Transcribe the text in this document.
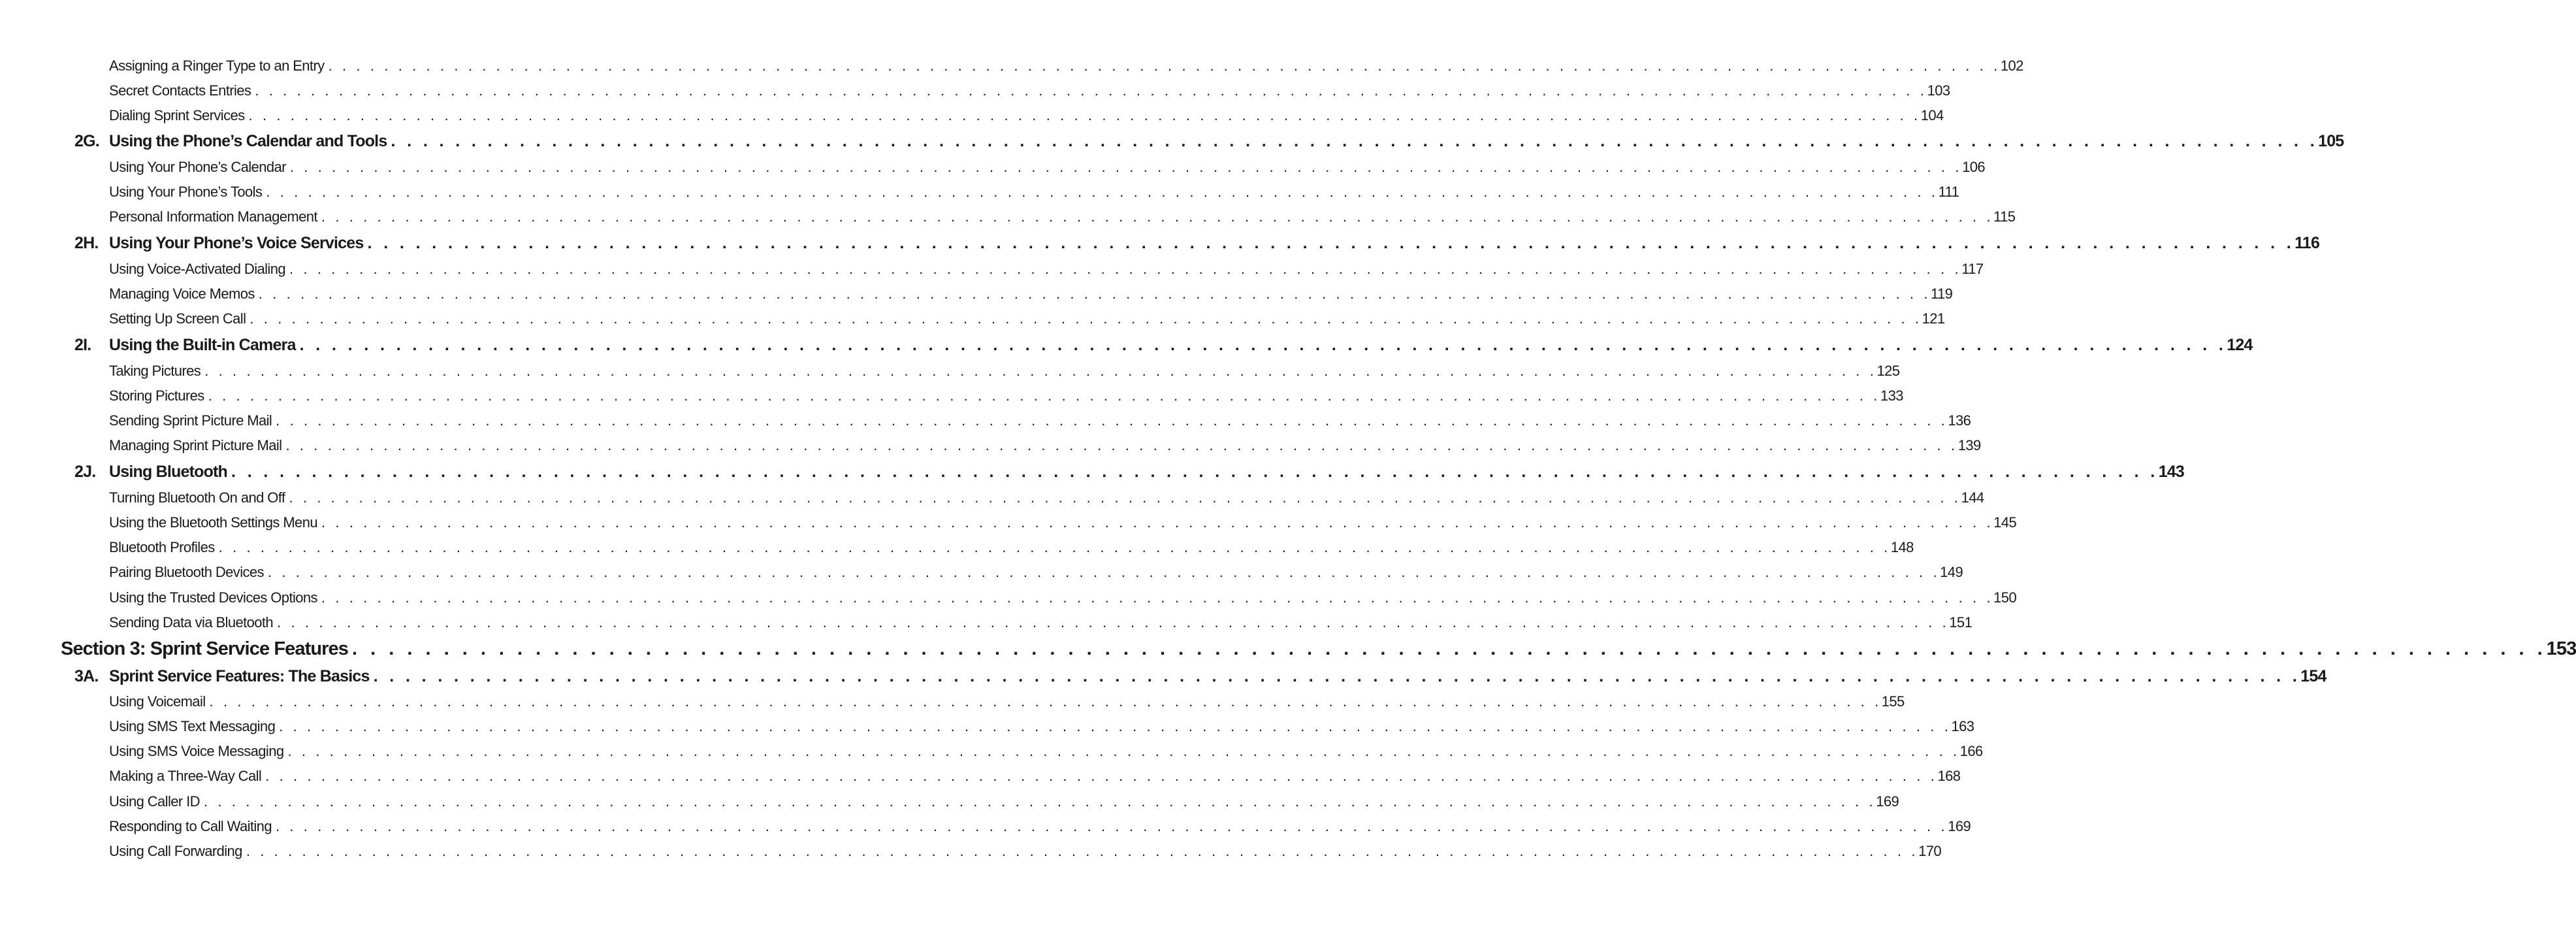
Assigning a Ringer Type to an Entry . . . . . . . . . . . . . . . . . . . . . . . . . . . . . . . . . . . . . . . . . . . . . . . . . . . . . . . . . . . . . . . . . . . . . . . . . . . . . . . . . . . . . . . . . . . . . . . . . . . . . . . . . . . . . . . . . . . . . . . . 102
Secret Contacts Entries . . . . . . . . . . . . . . . . . . . . . . . . . . . . . . . . . . . . . . . . . . . . . . . . . . . . . . . . . . . . . . . . . . . . . . . . . . . . . . . . . . . . . . . . . . . . . . . . . . . . . . . . . . . . . . . . . . . . . . . . 103
Dialing Sprint Services . . . . . . . . . . . . . . . . . . . . . . . . . . . . . . . . . . . . . . . . . . . . . . . . . . . . . . . . . . . . . . . . . . . . . . . . . . . . . . . . . . . . . . . . . . . . . . . . . . . . . . . . . . . . . . . . . . . . . . . . 104
2G. Using the Phone’s Calendar and Tools . . . . . . . . . . . . . . . . . . . . . . . . . . . . . . . . . . . . . . . . . . . . . . . . . . . . . . . . . . . . . . . . . . . . . . . . . . . . . . . . . . . . . . . . . . . . . . . . . . . . . . . . . . . . . . . . . . . . . . . . 105
Using Your Phone’s Calendar . . . . . . . . . . . . . . . . . . . . . . . . . . . . . . . . . . . . . . . . . . . . . . . . . . . . . . . . . . . . . . . . . . . . . . . . . . . . . . . . . . . . . . . . . . . . . . . . . . . . . . . . . . . . . . . . . . . . . . . . 106
Using Your Phone’s Tools . . . . . . . . . . . . . . . . . . . . . . . . . . . . . . . . . . . . . . . . . . . . . . . . . . . . . . . . . . . . . . . . . . . . . . . . . . . . . . . . . . . . . . . . . . . . . . . . . . . . . . . . . . . . . . . . . . . . . . . . 111
Personal Information Management . . . . . . . . . . . . . . . . . . . . . . . . . . . . . . . . . . . . . . . . . . . . . . . . . . . . . . . . . . . . . . . . . . . . . . . . . . . . . . . . . . . . . . . . . . . . . . . . . . . . . . . . . . . . . . . . . . . . . . . . 115
2H. Using Your Phone’s Voice Services . . . . . . . . . . . . . . . . . . . . . . . . . . . . . . . . . . . . . . . . . . . . . . . . . . . . . . . . . . . . . . . . . . . . . . . . . . . . . . . . . . . . . . . . . . . . . . . . . . . . . . . . . . . . . . . . . . . . . . . . 116
Using Voice-Activated Dialing . . . . . . . . . . . . . . . . . . . . . . . . . . . . . . . . . . . . . . . . . . . . . . . . . . . . . . . . . . . . . . . . . . . . . . . . . . . . . . . . . . . . . . . . . . . . . . . . . . . . . . . . . . . . . . . . . . . . . . . . 117
Managing Voice Memos . . . . . . . . . . . . . . . . . . . . . . . . . . . . . . . . . . . . . . . . . . . . . . . . . . . . . . . . . . . . . . . . . . . . . . . . . . . . . . . . . . . . . . . . . . . . . . . . . . . . . . . . . . . . . . . . . . . . . . . . 119
Setting Up Screen Call . . . . . . . . . . . . . . . . . . . . . . . . . . . . . . . . . . . . . . . . . . . . . . . . . . . . . . . . . . . . . . . . . . . . . . . . . . . . . . . . . . . . . . . . . . . . . . . . . . . . . . . . . . . . . . . . . . . . . . . . 121
2I. Using the Built-in Camera . . . . . . . . . . . . . . . . . . . . . . . . . . . . . . . . . . . . . . . . . . . . . . . . . . . . . . . . . . . . . . . . . . . . . . . . . . . . . . . . . . . . . . . . . . . . . . . . . . . . . . . . . . . . . . . . . . . . . . . . 124
Taking Pictures . . . . . . . . . . . . . . . . . . . . . . . . . . . . . . . . . . . . . . . . . . . . . . . . . . . . . . . . . . . . . . . . . . . . . . . . . . . . . . . . . . . . . . . . . . . . . . . . . . . . . . . . . . . . . . . . . . . . . . . . 125
Storing Pictures . . . . . . . . . . . . . . . . . . . . . . . . . . . . . . . . . . . . . . . . . . . . . . . . . . . . . . . . . . . . . . . . . . . . . . . . . . . . . . . . . . . . . . . . . . . . . . . . . . . . . . . . . . . . . . . . . . . . . . . . 133
Sending Sprint Picture Mail . . . . . . . . . . . . . . . . . . . . . . . . . . . . . . . . . . . . . . . . . . . . . . . . . . . . . . . . . . . . . . . . . . . . . . . . . . . . . . . . . . . . . . . . . . . . . . . . . . . . . . . . . . . . . . . . . . . . . . . . 136
Managing Sprint Picture Mail . . . . . . . . . . . . . . . . . . . . . . . . . . . . . . . . . . . . . . . . . . . . . . . . . . . . . . . . . . . . . . . . . . . . . . . . . . . . . . . . . . . . . . . . . . . . . . . . . . . . . . . . . . . . . . . . . . . . . . . . 139
2J. Using Bluetooth . . . . . . . . . . . . . . . . . . . . . . . . . . . . . . . . . . . . . . . . . . . . . . . . . . . . . . . . . . . . . . . . . . . . . . . . . . . . . . . . . . . . . . . . . . . . . . . . . . . . . . . . . . . . . . . . . . . . . . . . 143
Turning Bluetooth On and Off . . . . . . . . . . . . . . . . . . . . . . . . . . . . . . . . . . . . . . . . . . . . . . . . . . . . . . . . . . . . . . . . . . . . . . . . . . . . . . . . . . . . . . . . . . . . . . . . . . . . . . . . . . . . . . . . . . . . . . . . 144
Using the Bluetooth Settings Menu . . . . . . . . . . . . . . . . . . . . . . . . . . . . . . . . . . . . . . . . . . . . . . . . . . . . . . . . . . . . . . . . . . . . . . . . . . . . . . . . . . . . . . . . . . . . . . . . . . . . . . . . . . . . . . . . . . . . . . . . 145
Bluetooth Profiles . . . . . . . . . . . . . . . . . . . . . . . . . . . . . . . . . . . . . . . . . . . . . . . . . . . . . . . . . . . . . . . . . . . . . . . . . . . . . . . . . . . . . . . . . . . . . . . . . . . . . . . . . . . . . . . . . . . . . . . . 148
Pairing Bluetooth Devices . . . . . . . . . . . . . . . . . . . . . . . . . . . . . . . . . . . . . . . . . . . . . . . . . . . . . . . . . . . . . . . . . . . . . . . . . . . . . . . . . . . . . . . . . . . . . . . . . . . . . . . . . . . . . . . . . . . . . . . . 149
Using the Trusted Devices Options . . . . . . . . . . . . . . . . . . . . . . . . . . . . . . . . . . . . . . . . . . . . . . . . . . . . . . . . . . . . . . . . . . . . . . . . . . . . . . . . . . . . . . . . . . . . . . . . . . . . . . . . . . . . . . . . . . . . . . . . 150
Sending Data via Bluetooth . . . . . . . . . . . . . . . . . . . . . . . . . . . . . . . . . . . . . . . . . . . . . . . . . . . . . . . . . . . . . . . . . . . . . . . . . . . . . . . . . . . . . . . . . . . . . . . . . . . . . . . . . . . . . . . . . . . . . . . . 151
Section 3: Sprint Service Features . . . . . . . . . . . . . . . . . . . . . . . . . . . . . . . . . . . . . . . . . . . . . . . . . . . . . . . . . . . . . . . . . . . . . . . . . . . . . . . . . . . . . . . . . . . . . . . . . . . . . . . . . . . . . . . . . . . . . . . . 153
3A. Sprint Service Features: The Basics . . . . . . . . . . . . . . . . . . . . . . . . . . . . . . . . . . . . . . . . . . . . . . . . . . . . . . . . . . . . . . . . . . . . . . . . . . . . . . . . . . . . . . . . . . . . . . . . . . . . . . . . . . . . . . . . . . . . . . . . 154
Using Voicemail . . . . . . . . . . . . . . . . . . . . . . . . . . . . . . . . . . . . . . . . . . . . . . . . . . . . . . . . . . . . . . . . . . . . . . . . . . . . . . . . . . . . . . . . . . . . . . . . . . . . . . . . . . . . . . . . . . . . . . . . 155
Using SMS Text Messaging . . . . . . . . . . . . . . . . . . . . . . . . . . . . . . . . . . . . . . . . . . . . . . . . . . . . . . . . . . . . . . . . . . . . . . . . . . . . . . . . . . . . . . . . . . . . . . . . . . . . . . . . . . . . . . . . . . . . . . . . 163
Using SMS Voice Messaging . . . . . . . . . . . . . . . . . . . . . . . . . . . . . . . . . . . . . . . . . . . . . . . . . . . . . . . . . . . . . . . . . . . . . . . . . . . . . . . . . . . . . . . . . . . . . . . . . . . . . . . . . . . . . . . . . . . . . . . . 166
Making a Three-Way Call . . . . . . . . . . . . . . . . . . . . . . . . . . . . . . . . . . . . . . . . . . . . . . . . . . . . . . . . . . . . . . . . . . . . . . . . . . . . . . . . . . . . . . . . . . . . . . . . . . . . . . . . . . . . . . . . . . . . . . . . 168
Using Caller ID . . . . . . . . . . . . . . . . . . . . . . . . . . . . . . . . . . . . . . . . . . . . . . . . . . . . . . . . . . . . . . . . . . . . . . . . . . . . . . . . . . . . . . . . . . . . . . . . . . . . . . . . . . . . . . . . . . . . . . . . 169
Responding to Call Waiting . . . . . . . . . . . . . . . . . . . . . . . . . . . . . . . . . . . . . . . . . . . . . . . . . . . . . . . . . . . . . . . . . . . . . . . . . . . . . . . . . . . . . . . . . . . . . . . . . . . . . . . . . . . . . . . . . . . . . . . . 169
Using Call Forwarding . . . . . . . . . . . . . . . . . . . . . . . . . . . . . . . . . . . . . . . . . . . . . . . . . . . . . . . . . . . . . . . . . . . . . . . . . . . . . . . . . . . . . . . . . . . . . . . . . . . . . . . . . . . . . . . . . . . . . . . . 170
